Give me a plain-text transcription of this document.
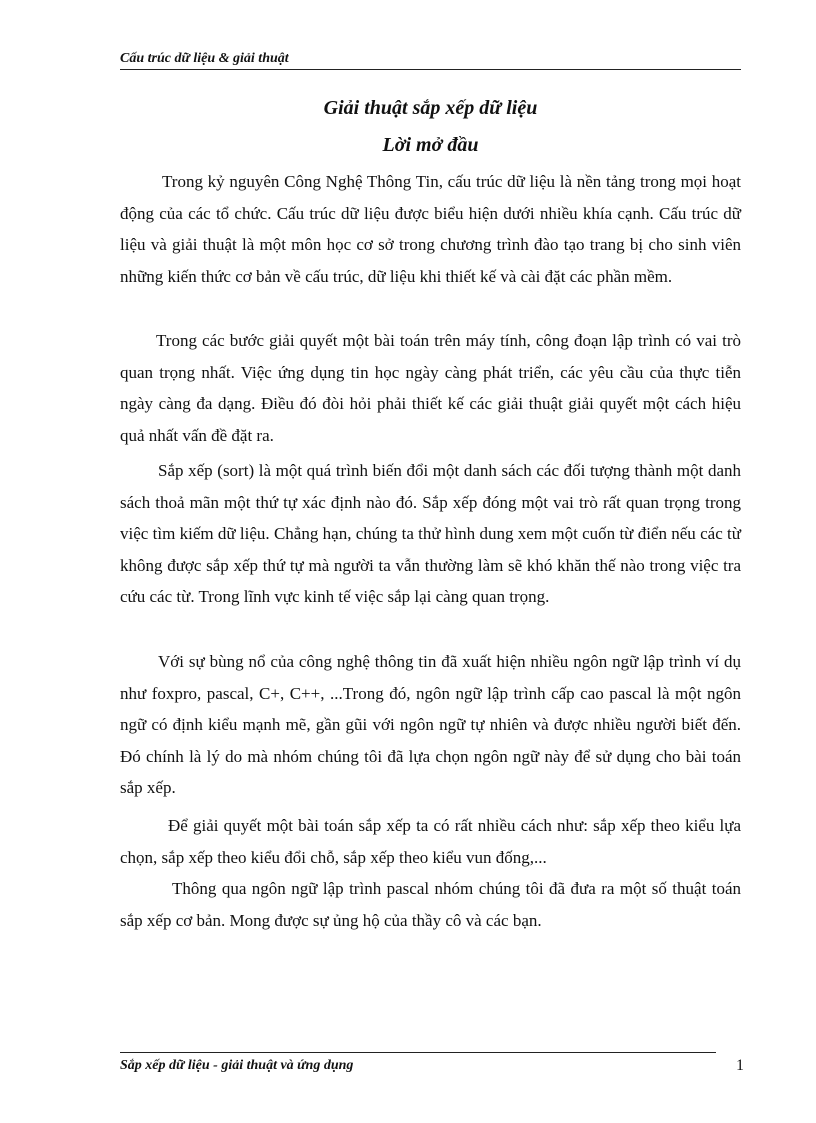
Cấu trúc dữ liệu & giải thuật
Giải thuật sắp xếp dữ liệu
Lời mở đầu

Trong kỷ nguyên Công Nghệ Thông Tin, cấu trúc dữ liệu là nền tảng trong mọi hoạt động của các tổ chức. Cấu trúc dữ liệu được biểu hiện dưới nhiều khía cạnh. Cấu trúc dữ liệu và giải thuật là một môn học cơ sở trong chương trình đào tạo trang bị cho sinh viên những kiến thức cơ bản về cấu trúc, dữ liệu khi thiết kế và cài đặt các phần mềm.

Trong các bước giải quyết một bài toán trên máy tính, công đoạn lập trình có vai trò quan trọng nhất. Việc ứng dụng tin học ngày càng phát triển, các yêu cầu của thực tiễn ngày càng đa dạng. Điều đó đòi hỏi phải thiết kế các giải thuật giải quyết một cách hiệu quả nhất vấn đề đặt ra.

Sắp xếp (sort) là một quá trình biến đổi một danh sách các đối tượng thành một danh sách thoả mãn một thứ tự xác định nào đó. Sắp xếp đóng một vai trò rất quan trọng trong việc tìm kiếm dữ liệu. Chẳng hạn, chúng ta thử hình dung xem một cuốn từ điển nếu các từ không được sắp xếp thứ tự mà người ta vẫn thường làm sẽ khó khăn thế nào trong việc tra cứu các từ. Trong lĩnh vực kinh tế việc sắp lại càng quan trọng.

Với sự bùng nổ của công nghệ thông tin đã xuất hiện nhiều ngôn ngữ lập trình ví dụ như foxpro, pascal, C+, C++, ...Trong đó, ngôn ngữ lập trình cấp cao pascal là một ngôn ngữ có định kiểu mạnh mẽ, gần gũi với ngôn ngữ tự nhiên và được nhiều người biết đến. Đó chính là lý do mà nhóm chúng tôi đã lựa chọn ngôn ngữ này để sử dụng cho bài toán sắp xếp.

Để giải quyết một bài toán sắp xếp ta có rất nhiều cách như: sắp xếp theo kiểu lựa chọn, sắp xếp theo kiểu đổi chỗ, sắp xếp theo kiểu vun đống,...

Thông qua ngôn ngữ lập trình pascal nhóm chúng tôi đã đưa ra một số thuật toán sắp xếp cơ bản. Mong được sự ủng hộ của thầy cô và các bạn.

Sắp xếp dữ liệu - giải thuật và ứng dụng	1
